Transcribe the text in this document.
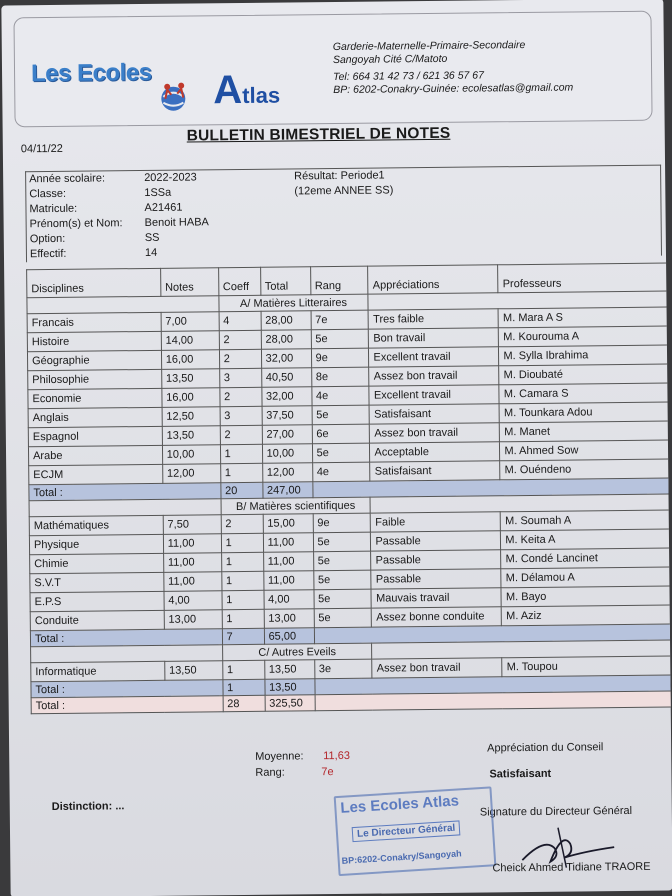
Les Ecoles Atlas
Garderie-Maternelle-Primaire-Secondaire
Sangoyah Cité C/Matoto
Tel: 664 31 42 73 / 621 36 57 67
BP: 6202-Conakry-Guinée: ecolesatlas@gmail.com
04/11/22
BULLETIN BIMESTRIEL DE NOTES
Année scolaire:	2022-2023	Résultat: Periode1
Classe:	1SSa	(12eme ANNEE SS)
Matricule:	A21461
Prénom(s) et Nom:	Benoit HABA
Option:	SS
Effectif:	14
Disciplines	Notes	Coeff	Total	Rang	Appréciations	Professeurs
		A/ Matières Litteraires				
Francais	7,00	4	28,00	7e	Tres faible	M. Mara A S
Histoire	14,00	2	28,00	5e	Bon travail	M. Kourouma A
Géographie	16,00	2	32,00	9e	Excellent travail	M. Sylla Ibrahima
Philosophie	13,50	3	40,50	8e	Assez bon travail	M. Dioubaté
Economie	16,00	2	32,00	4e	Excellent travail	M. Camara S
Anglais	12,50	3	37,50	5e	Satisfaisant	M. Tounkara Adou
Espagnol	13,50	2	27,00	6e	Assez bon travail	M. Manet
Arabe	10,00	1	10,00	5e	Acceptable	M. Ahmed Sow
ECJM	12,00	1	12,00	4e	Satisfaisant	M. Ouéndeno
Total :		20	247,00			
		B/ Matières scientifiques				
Mathématiques	7,50	2	15,00	9e	Faible	M. Soumah A
Physique	11,00	1	11,00	5e	Passable	M. Keita A
Chimie	11,00	1	11,00	5e	Passable	M. Condé Lancinet
S.V.T	11,00	1	11,00	5e	Passable	M. Délamou A
E.P.S	4,00	1	4,00	5e	Mauvais travail	M. Bayo
Conduite	13,00	1	13,00	5e	Assez bonne conduite	M. Aziz
Total :		7	65,00			
		C/ Autres Eveils				
Informatique	13,50	1	13,50	3e	Assez bon travail	M. Toupou
Total :		1	13,50			
Total :		28	325,50			
Moyenne: 11,63
Rang:	7e
Appréciation du Conseil
Satisfaisant
Distinction: ...	Signature du Directeur Général
Les Ecoles Atlas
Le Directeur Général
BP:6202-Conakry/Sangoyah
Cheick Ahmed Tidiane TRAORE
